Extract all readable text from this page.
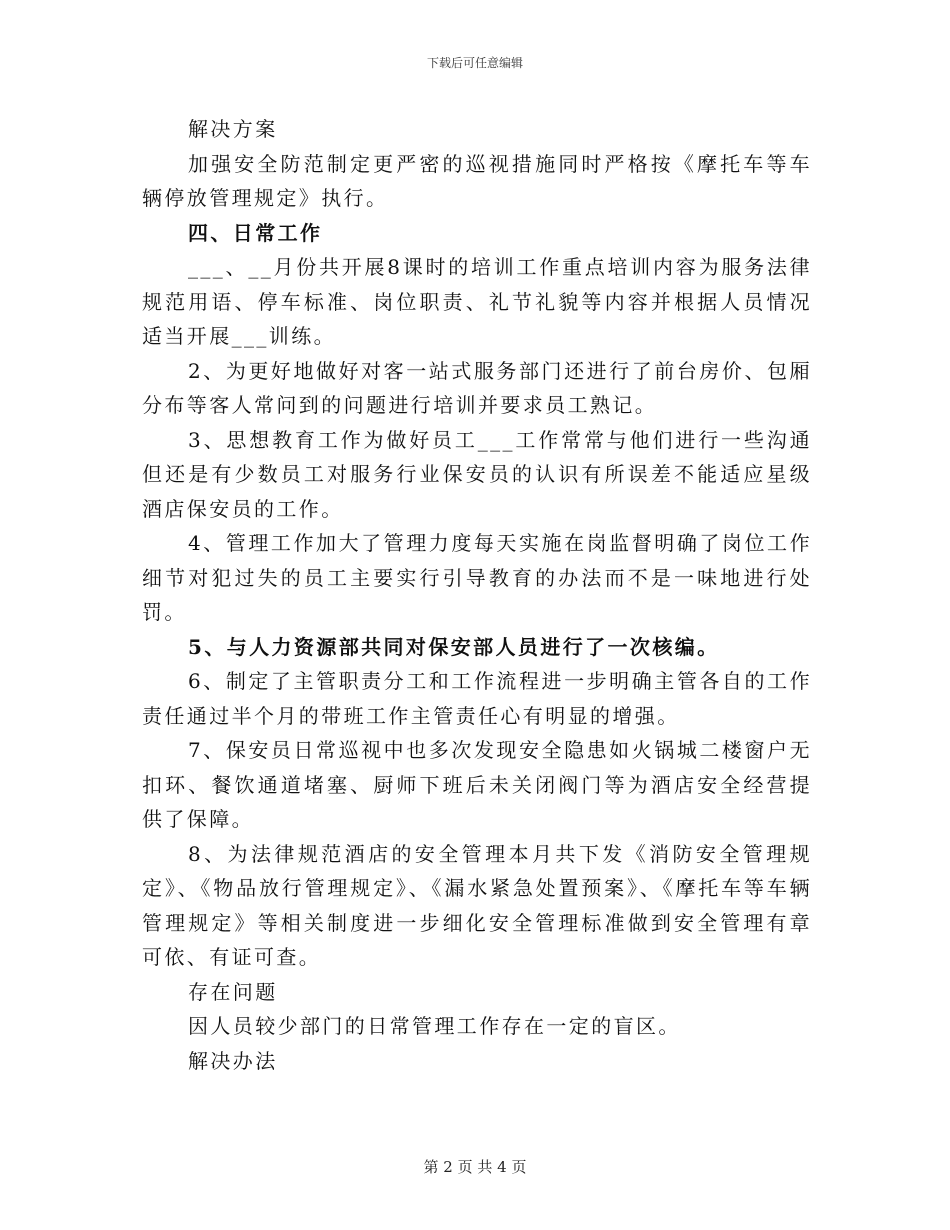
下载后可任意编辑

解决方案

加强安全防范制定更严密的巡视措施同时严格按《摩托车等车辆停放管理规定》执行。

四、日常工作

___、__月份共开展8课时的培训工作重点培训内容为服务法律规范用语、停车标准、岗位职责、礼节礼貌等内容并根据人员情况适当开展___训练。

2、为更好地做好对客一站式服务部门还进行了前台房价、包厢分布等客人常问到的问题进行培训并要求员工熟记。

3、思想教育工作为做好员工___工作常常与他们进行一些沟通但还是有少数员工对服务行业保安员的认识有所误差不能适应星级酒店保安员的工作。

4、管理工作加大了管理力度每天实施在岗监督明确了岗位工作细节对犯过失的员工主要实行引导教育的办法而不是一味地进行处罚。

5、与人力资源部共同对保安部人员进行了一次核编。

6、制定了主管职责分工和工作流程进一步明确主管各自的工作责任通过半个月的带班工作主管责任心有明显的增强。

7、保安员日常巡视中也多次发现安全隐患如火锅城二楼窗户无扣环、餐饮通道堵塞、厨师下班后未关闭阀门等为酒店安全经营提供了保障。

8、为法律规范酒店的安全管理本月共下发《消防安全管理规定》、《物品放行管理规定》、《漏水紧急处置预案》、《摩托车等车辆管理规定》等相关制度进一步细化安全管理标准做到安全管理有章可依、有证可查。

存在问题

因人员较少部门的日常管理工作存在一定的盲区。

解决办法

第 2 页 共 4 页
